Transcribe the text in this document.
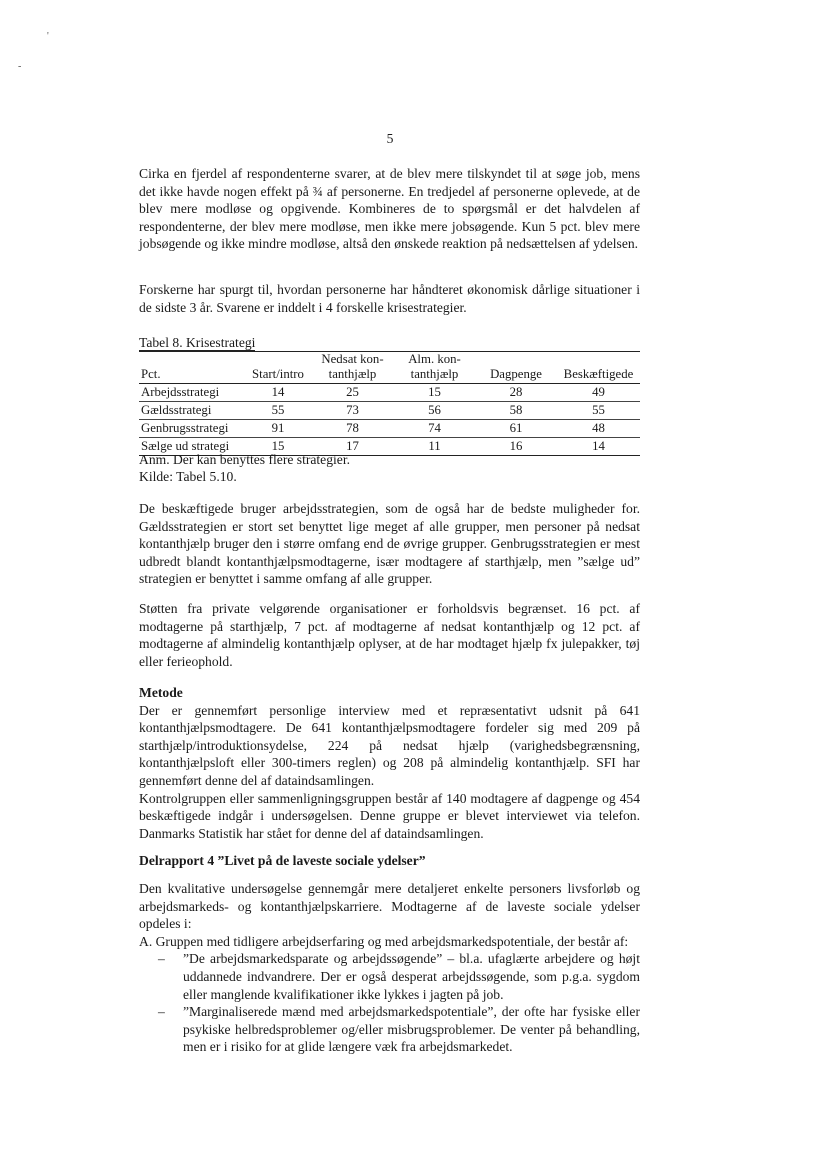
'
-
5

Cirka en fjerdel af respondenterne svarer, at de blev mere tilskyndet til at søge job, mens det ikke havde nogen effekt på ¾ af personerne. En tredjedel af personerne oplevede, at de blev mere modløse og opgivende. Kombineres de to spørgsmål er det halvdelen af respondenterne, der blev mere modløse, men ikke mere jobsøgende. Kun 5 pct. blev mere jobsøgende og ikke mindre modløse, altså den ønskede reaktion på nedsættelsen af ydelsen.

Forskerne har spurgt til, hvordan personerne har håndteret økonomisk dårlige situationer i de sidste 3 år. Svarene er inddelt i 4 forskelle krisestrategier.

Tabel 8. Krisestrategi
		Nedsat kon-	Alm. kon-		
Pct.	Start/intro	tanthjælp	tanthjælp	Dagpenge	Beskæftigede
Arbejdsstrategi	14	25	15	28	49
Gældsstrategi	55	73	56	58	55
Genbrugsstrategi	91	78	74	61	48
Sælge ud strategi	15	17	11	16	14
Anm. Der kan benyttes flere strategier.
Kilde: Tabel 5.10.

De beskæftigede bruger arbejdsstrategien, som de også har de bedste muligheder for. Gældsstrategien er stort set benyttet lige meget af alle grupper, men personer på nedsat kontanthjælp bruger den i større omfang end de øvrige grupper. Genbrugsstrategien er mest udbredt blandt kontanthjælpsmodtagerne, især modtagere af starthjælp, men ”sælge ud” strategien er benyttet i samme omfang af alle grupper.

Støtten fra private velgørende organisationer er forholdsvis begrænset. 16 pct. af modtagerne på starthjælp, 7 pct. af modtagerne af nedsat kontanthjælp og 12 pct. af modtagerne af almindelig kontanthjælp oplyser, at de har modtaget hjælp fx julepakker, tøj eller ferieophold.

Metode

Der er gennemført personlige interview med et repræsentativt udsnit på 641 kontanthjælpsmodtagere. De 641 kontanthjælpsmodtagere fordeler sig med 209 på starthjælp/introduktionsydelse, 224 på nedsat hjælp (varighedsbegrænsning, kontanthjælpsloft eller 300-timers reglen) og 208 på almindelig kontanthjælp. SFI har gennemført denne del af dataindsamlingen.

Kontrolgruppen eller sammenligningsgruppen består af 140 modtagere af dagpenge og 454 beskæftigede indgår i undersøgelsen. Denne gruppe er blevet interviewet via telefon. Danmarks Statistik har stået for denne del af dataindsamlingen.

Delrapport 4 ”Livet på de laveste sociale ydelser”

Den kvalitative undersøgelse gennemgår mere detaljeret enkelte personers livsforløb og arbejdsmarkeds- og kontanthjælpskarriere. Modtagerne af de laveste sociale ydelser opdeles i:

A. Gruppen med tidligere arbejdserfaring og med arbejdsmarkedspotentiale, der består af:

– ”De arbejdsmarkedsparate og arbejdssøgende” – bl.a. ufaglærte arbejdere og højt uddannede indvandrere. Der er også desperat arbejdssøgende, som p.g.a. sygdom eller manglende kvalifikationer ikke lykkes i jagten på job.
– ”Marginaliserede mænd med arbejdsmarkedspotentiale”, der ofte har fysiske eller psykiske helbredsproblemer og/eller misbrugsproblemer. De venter på behandling, men er i risiko for at glide længere væk fra arbejdsmarkedet.
